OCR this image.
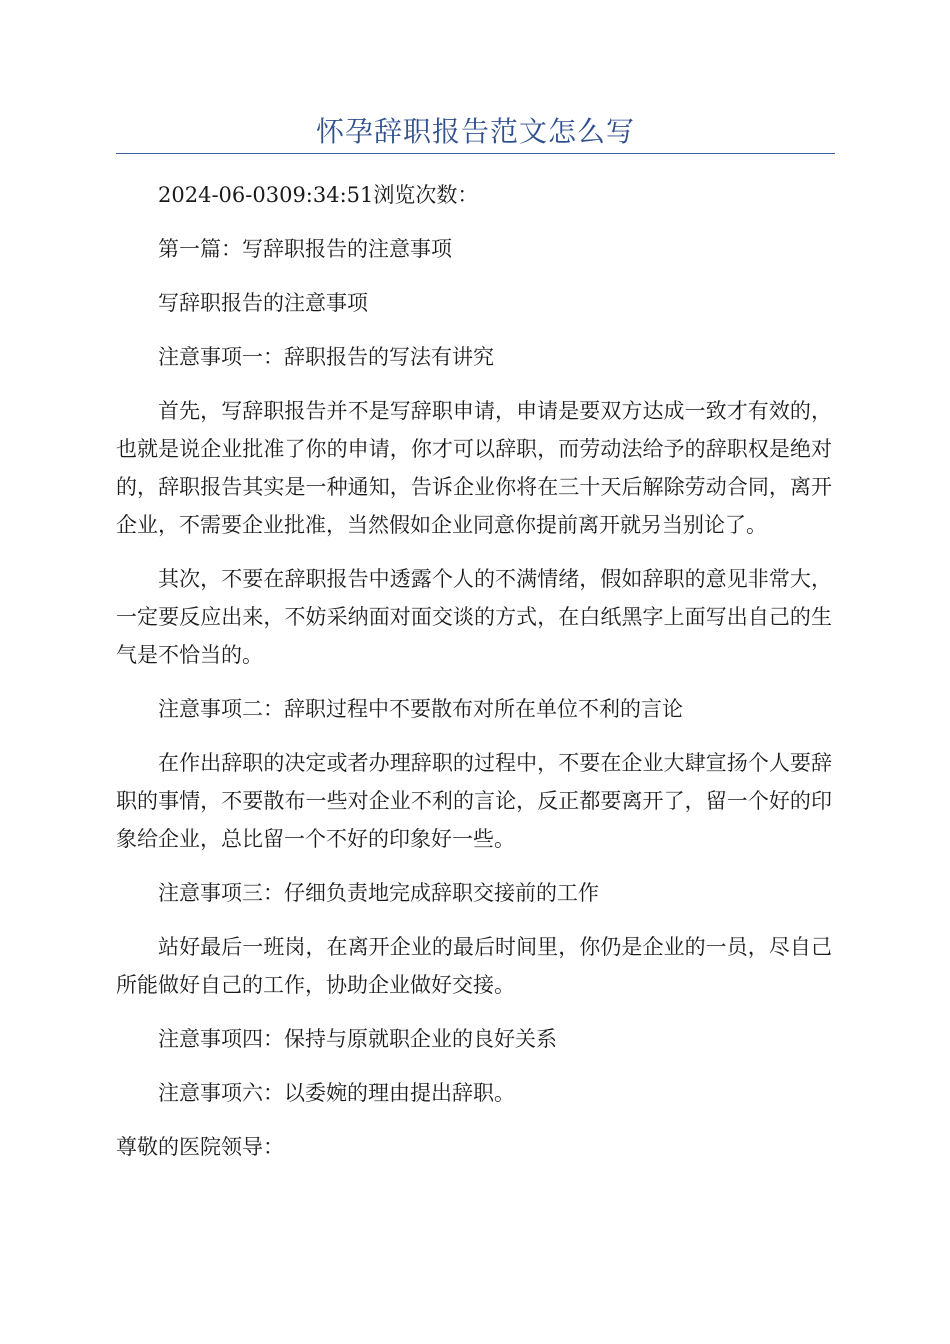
怀孕辞职报告范文怎么写

2024-06-0309:34:51浏览次数：

第一篇：写辞职报告的注意事项

写辞职报告的注意事项

注意事项一：辞职报告的写法有讲究

首先，写辞职报告并不是写辞职申请，申请是要双方达成一致才有效的，也就是说企业批准了你的申请，你才可以辞职，而劳动法给予的辞职权是绝对的，辞职报告其实是一种通知，告诉企业你将在三十天后解除劳动合同，离开企业，不需要企业批准，当然假如企业同意你提前离开就另当别论了。

其次，不要在辞职报告中透露个人的不满情绪，假如辞职的意见非常大，一定要反应出来，不妨采纳面对面交谈的方式，在白纸黑字上面写出自己的生气是不恰当的。

注意事项二：辞职过程中不要散布对所在单位不利的言论

在作出辞职的决定或者办理辞职的过程中，不要在企业大肆宣扬个人要辞职的事情，不要散布一些对企业不利的言论，反正都要离开了，留一个好的印象给企业，总比留一个不好的印象好一些。

注意事项三：仔细负责地完成辞职交接前的工作

站好最后一班岗，在离开企业的最后时间里，你仍是企业的一员，尽自己所能做好自己的工作，协助企业做好交接。

注意事项四：保持与原就职企业的良好关系

注意事项六：以委婉的理由提出辞职。

尊敬的医院领导：
